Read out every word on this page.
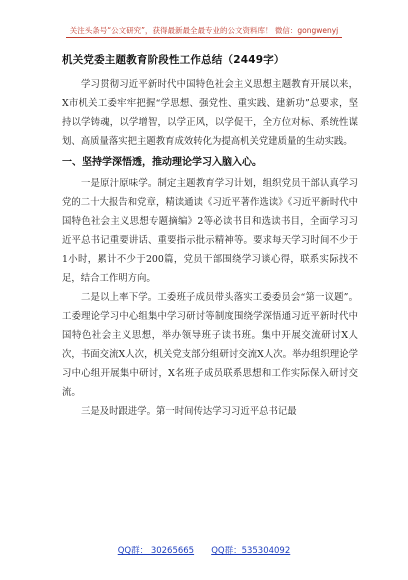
关注头条号“公文研究”，获得最新最全最专业的公文资料库！ 微信：gongwenyj

机关党委主题教育阶段性工作总结（2449字）

学习贯彻习近平新时代中国特色社会主义思想主题教育开展以来，X市机关工委牢牢把握“学思想、强党性、重实践、建新功”总要求，坚持以学铸魂，以学增智，以学正风，以学促干，全方位对标、系统性谋划、高质量落实把主题教育成效转化为提高机关党建质量的生动实践。

一、坚持学深悟透，推动理论学习入脑入心。

一是原汁原味学。制定主题教育学习计划，组织党员干部认真学习党的二十大报告和党章，精读通读《习近平著作选读》《习近平新时代中国特色社会主义思想专题摘编》2等必读书目和选读书目，全面学习习近平总书记重要讲话、重要指示批示精神等。要求每天学习时间不少于1小时，累计不少于200篇，党员干部围绕学习谈心得，联系实际找不足，结合工作明方向。

二是以上率下学。工委班子成员带头落实工委委员会“第一议题”。工委理论学习中心组集中学习研讨等制度围绕学深悟通习近平新时代中国特色社会主义思想，举办领导班子读书班。集中开展交流研讨X人次，书面交流X人次，机关党支部分组研讨交流X人次。举办组织理论学习中心组开展集中研讨，X名班子成员联系思想和工作实际保入研讨交流。

三是及时跟进学。第一时间传达学习习近平总书记最

QQ群： 30265665 QQ群：535304092
